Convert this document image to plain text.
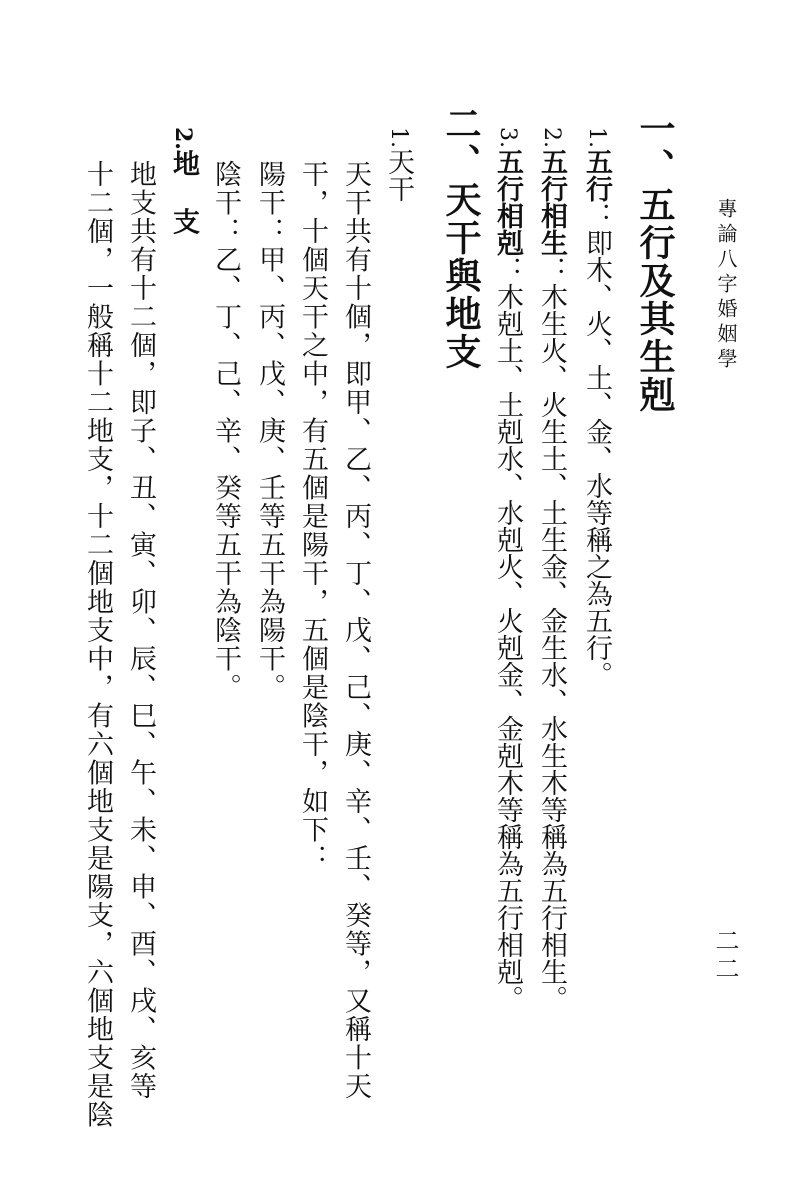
專論八字婚姻學
二二
一、五行及其生剋
1.五行：即木、火、土、金、水等稱之為五行。
2.五行相生：木生火、火生土、土生金、金生水、水生木等稱為五行相生。
3.五行相剋：木剋土、土剋水、水剋火、火剋金、金剋木等稱為五行相剋。
二、天干與地支
1.天干
天干共有十個，即甲、乙、丙、丁、戊、己、庚、辛、壬、癸等，又稱十天
干，十個天干之中，有五個是陽干，五個是陰干，如下：
陽干：甲、丙、戊、庚、壬等五干為陽干。
陰干：乙、丁、己、辛、癸等五干為陰干。
2.地 支
地支共有十二個，即子、丑、寅、卯、辰、巳、午、未、申、酉、戌、亥等
十二個，一般稱十二地支，十二個地支中，有六個地支是陽支，六個地支是陰
